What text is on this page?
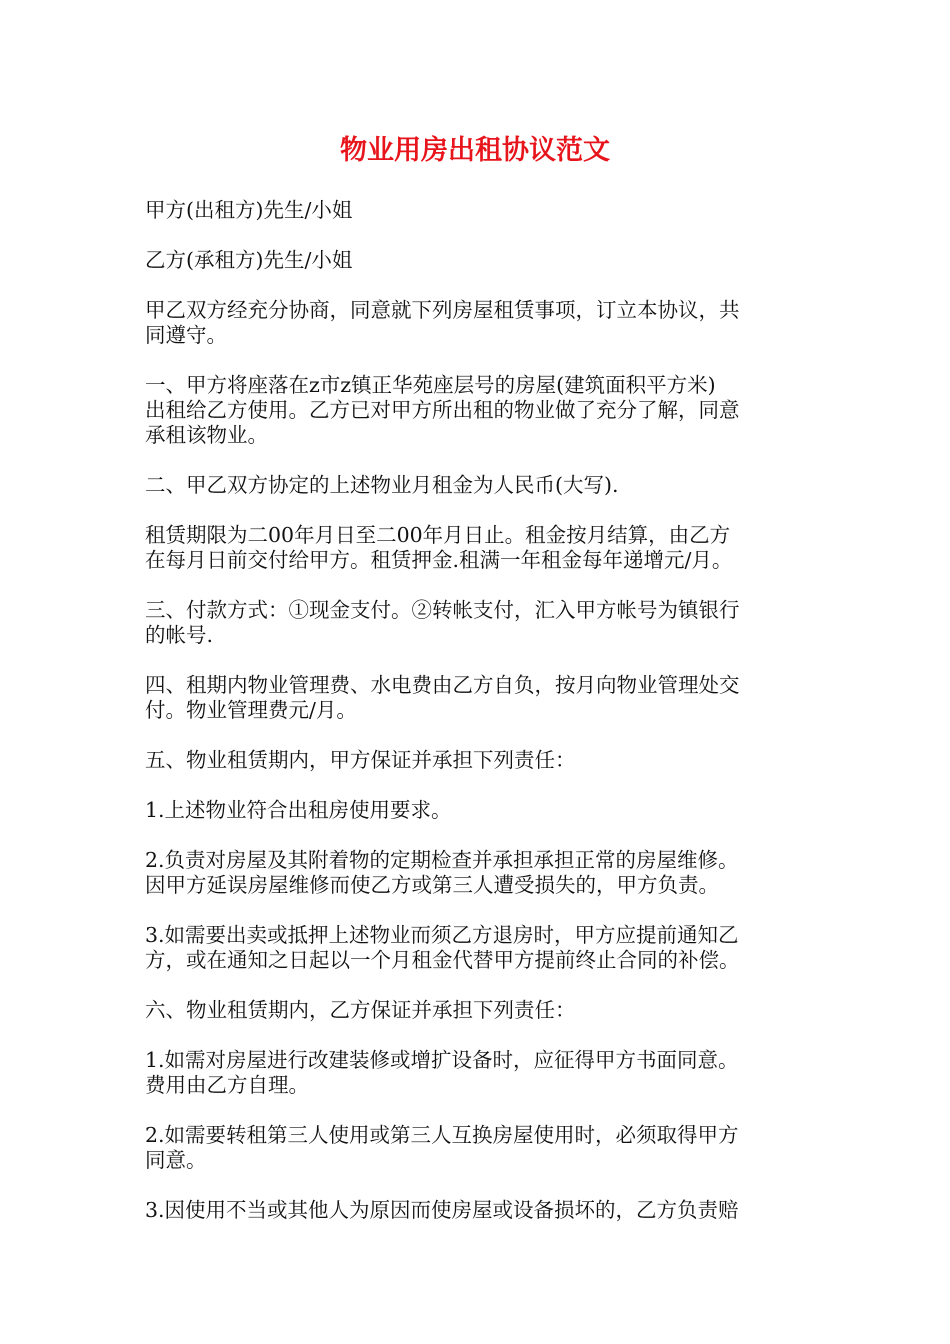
物业用房出租协议范文

甲方(出租方)先生/小姐

乙方(承租方)先生/小姐

甲乙双方经充分协商，同意就下列房屋租赁事项，订立本协议，共
同遵守。

一、甲方将座落在z市z镇正华苑座层号的房屋(建筑面积平方米)
出租给乙方使用。乙方已对甲方所出租的物业做了充分了解，同意
承租该物业。

二、甲乙双方协定的上述物业月租金为人民币(大写).

租赁期限为二00年月日至二00年月日止。租金按月结算，由乙方
在每月日前交付给甲方。租赁押金.租满一年租金每年递增元/月。

三、付款方式：①现金支付。②转帐支付，汇入甲方帐号为镇银行
的帐号.

四、租期内物业管理费、水电费由乙方自负，按月向物业管理处交
付。物业管理费元/月。

五、物业租赁期内，甲方保证并承担下列责任：

1.上述物业符合出租房使用要求。

2.负责对房屋及其附着物的定期检查并承担承担正常的房屋维修。
因甲方延误房屋维修而使乙方或第三人遭受损失的，甲方负责。

3.如需要出卖或抵押上述物业而须乙方退房时，甲方应提前通知乙
方，或在通知之日起以一个月租金代替甲方提前终止合同的补偿。

六、物业租赁期内，乙方保证并承担下列责任：

1.如需对房屋进行改建装修或增扩设备时，应征得甲方书面同意。
费用由乙方自理。

2.如需要转租第三人使用或第三人互换房屋使用时，必须取得甲方
同意。

3.因使用不当或其他人为原因而使房屋或设备损坏的，乙方负责赔
